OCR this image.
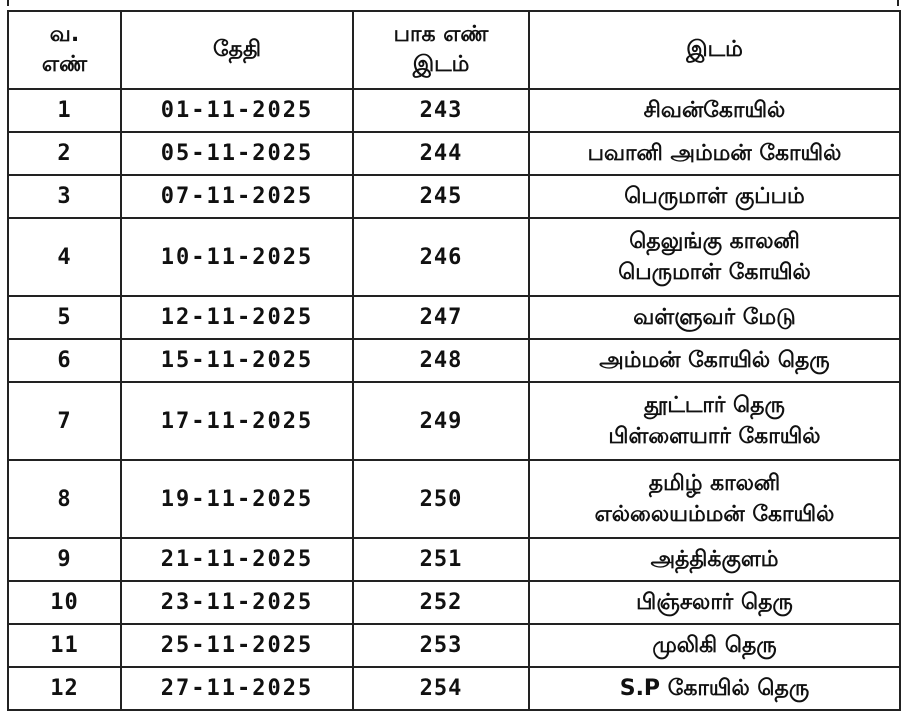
வ. எண்	தேதி	பாக எண் இடம்	இடம்
1	01-11-2025	243	சிவன்கோயில்

2	05-11-2025	244	பவானி அம்மன் கோயில்

3	07-11-2025	245	பெருமாள் குப்பம்

4	10-11-2025	246	தெலுங்கு காலனி
பெருமாள் கோயில்

5	12-11-2025	247	வள்ளுவர் மேடு

6	15-11-2025	248	அம்மன் கோயில் தெரு

7	17-11-2025	249	தூட்டார் தெரு
பிள்ளையார் கோயில்

8	19-11-2025	250	தமிழ் காலனி
எல்லையம்மன் கோயில்

9	21-11-2025	251	அத்திக்குளம்

10	23-11-2025	252	பிஞ்சலார் தெரு

11	25-11-2025	253	முலிகி தெரு

12	27-11-2025	254	S.P கோயில் தெரு
